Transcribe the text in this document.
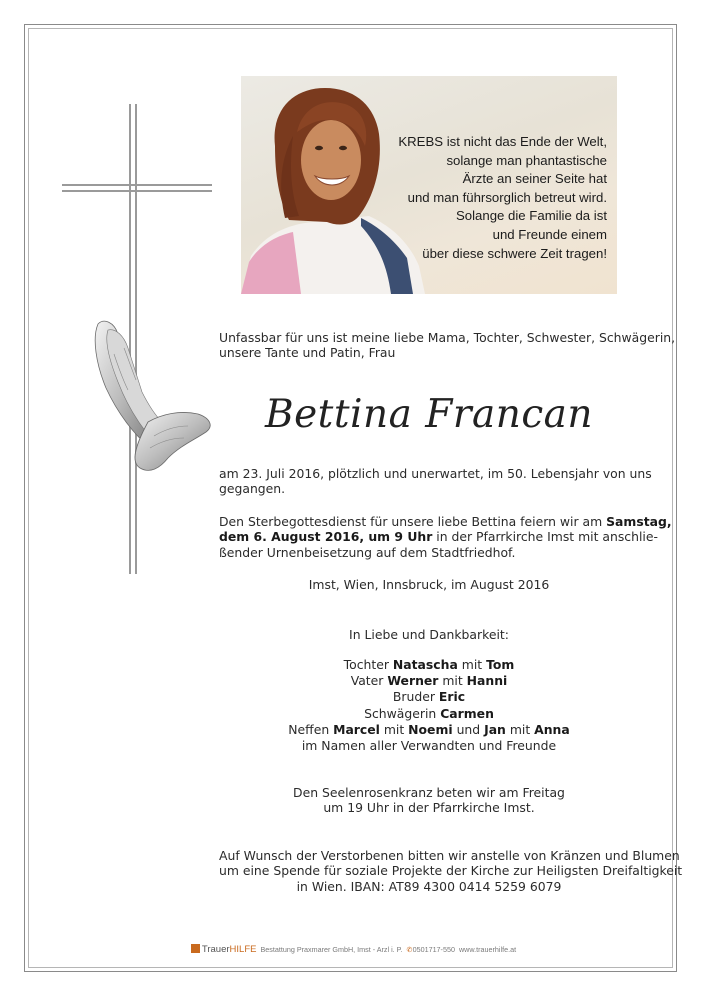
KREBS ist nicht das Ende der Welt,
solange man phantastische
Ärzte an seiner Seite hat
und man führsorglich betreut wird.
Solange die Familie da ist
und Freunde einem
über diese schwere Zeit tragen!
Unfassbar für uns ist meine liebe Mama, Tochter, Schwester, Schwägerin,
unsere Tante und Patin, Frau
Bettina Francan
am 23. Juli 2016, plötzlich und unerwartet, im 50. Lebensjahr von uns
gegangen.
Den Sterbegottesdienst für unsere liebe Bettina feiern wir am Samstag,
dem 6. August 2016, um 9 Uhr in der Pfarrkirche Imst mit anschlie-
ßender Urnenbeisetzung auf dem Stadtfriedhof.
Imst, Wien, Innsbruck, im August 2016
In Liebe und Dankbarkeit:
Tochter Natascha mit Tom
Vater Werner mit Hanni
Bruder Eric
Schwägerin Carmen
Neffen Marcel mit Noemi und Jan mit Anna
im Namen aller Verwandten und Freunde
Den Seelenrosenkranz beten wir am Freitag
um 19 Uhr in der Pfarrkirche Imst.
Auf Wunsch der Verstorbenen bitten wir anstelle von Kränzen und Blumen
um eine Spende für soziale Projekte der Kirche zur Heiligsten Dreifaltigkeit
in Wien. IBAN: AT89 4300 0414 5259 6079
TrauerHILFE Bestattung Praxmarer GmbH, Imst - Arzl i. P. ✆0501717-550 www.trauerhilfe.at
